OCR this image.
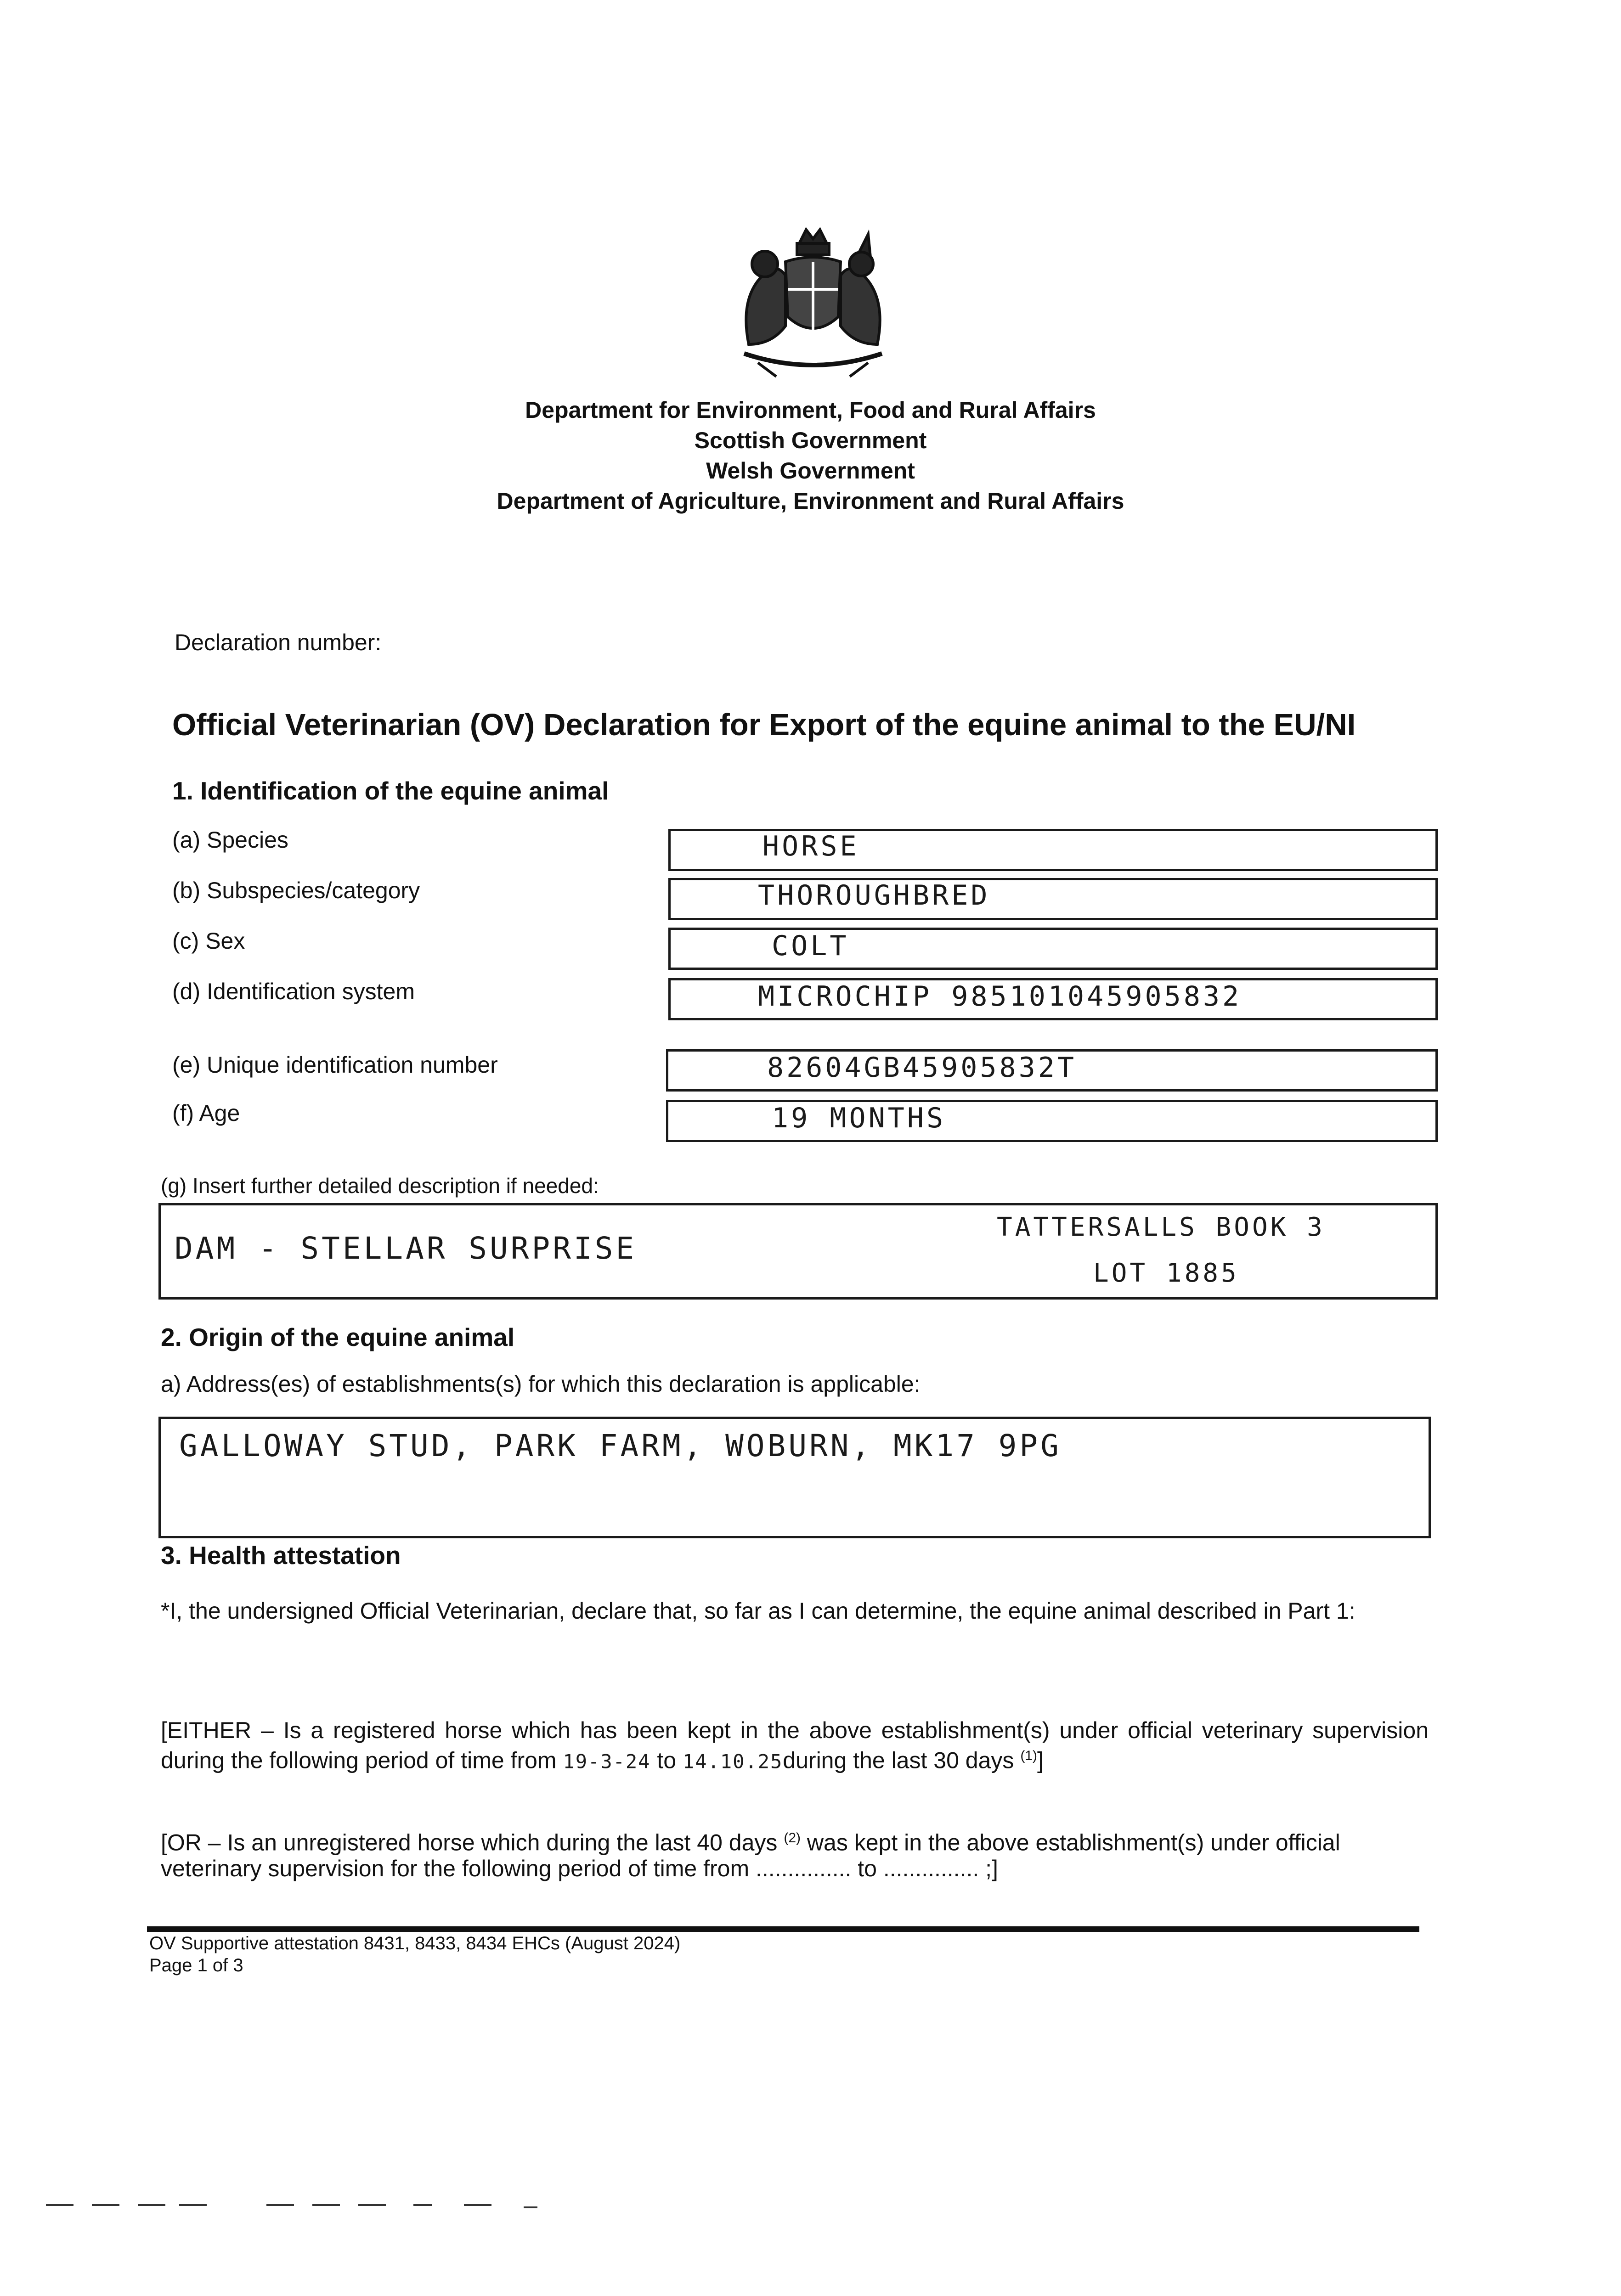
Department for Environment, Food and Rural Affairs
Scottish Government
Welsh Government
Department of Agriculture, Environment and Rural Affairs
Declaration number:
Official Veterinarian (OV) Declaration for Export of the equine animal to the EU/NI
1. Identification of the equine animal
(a) Species	HORSE
(b) Subspecies/category	THOROUGHBRED
(c) Sex	COLT
(d) Identification system	MICROCHIP 985101045905832
(e) Unique identification number	82604GB45905832T
(f) Age	19 MONTHS
(g) Insert further detailed description if needed:
DAM - STELLAR SURPRISE
TATTERSALLS BOOK 3
LOT 1885
2. Origin of the equine animal
a) Address(es) of establishments(s) for which this declaration is applicable:
GALLOWAY STUD, PARK FARM, WOBURN, MK17 9PG
3. Health attestation
*I, the undersigned Official Veterinarian, declare that, so far as I can determine, the equine animal described in Part 1:
[EITHER – Is a registered horse which has been kept in the above establishment(s) under official veterinary supervision during the following period of time from 19-3-24 to 14.10.25during the last 30 days $^{(1)}$]
[OR – Is an unregistered horse which during the last 40 days $^{(2)}$ was kept in the above establishment(s) under official veterinary supervision for the following period of time from ............... to ............... ;]
OV Supportive attestation 8431, 8433, 8434 EHCs (August 2024)
Page 1 of 3
